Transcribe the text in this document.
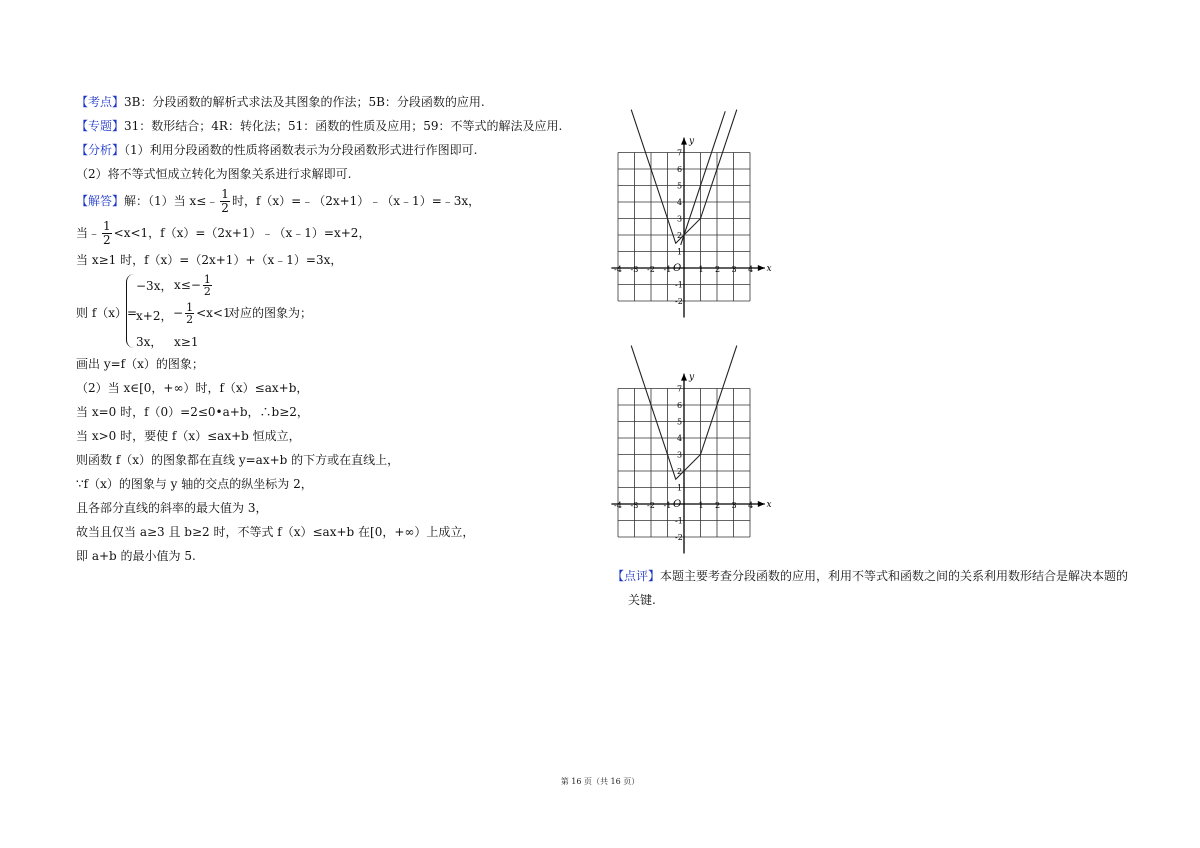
【考点】3B：分段函数的解析式求法及其图象的作法；5B：分段函数的应用.
【专题】31：数形结合；4R：转化法；51：函数的性质及应用；59：不等式的解法及应用.
【分析】（1）利用分段函数的性质将函数表示为分段函数形式进行作图即可.
（2）将不等式恒成立转化为图象关系进行求解即可.
【解答】解：（1）当 x≤﹣ $\frac{1}{2}$ 时，f（x）=﹣（2x+1）﹣（x﹣1）=﹣3x，
当﹣ $\frac{1}{2} <x<1$，f（x）=（2x+1）﹣（x﹣1）=x+2，
当 x≥1 时，f（x）=（2x+1）+（x﹣1）=3x，
则 f（x）=
−3x， $x\le- \frac{1}{2}$
x+2， − $\frac{1}{2} <x<1$
对应的图象为；
3x， x≥1
画出 y=f（x）的图象；
（2）当 x∈[0，+∞）时，f（x）≤ax+b，
当 x=0 时，f（0）=2≤0•a+b，∴b≥2，
当 x>0 时，要使 f（x）≤ax+b 恒成立，
则函数 f（x）的图象都在直线 y=ax+b 的下方或在直线上，
∵f（x）的图象与 y 轴的交点的纵坐标为 2，
且各部分直线的斜率的最大值为 3，
故当且仅当 a≥3 且 b≥2 时，不等式 f（x）≤ax+b 在[0，+∞）上成立，
即 a+b 的最小值为 5.
x
y
O
-4 -3 -2 -1	1 2 3 4
7
6
5
4
3
2
1
-1
-2
x
y
O
-4 -3 -2 -1	1 2 3 4
7
6
5
4
3
2
1
-1
-2
【点评】本题主要考查分段函数的应用，利用不等式和函数之间的关系利用数形结合是解决本题的
关键.
第 16 页（共 16 页）
